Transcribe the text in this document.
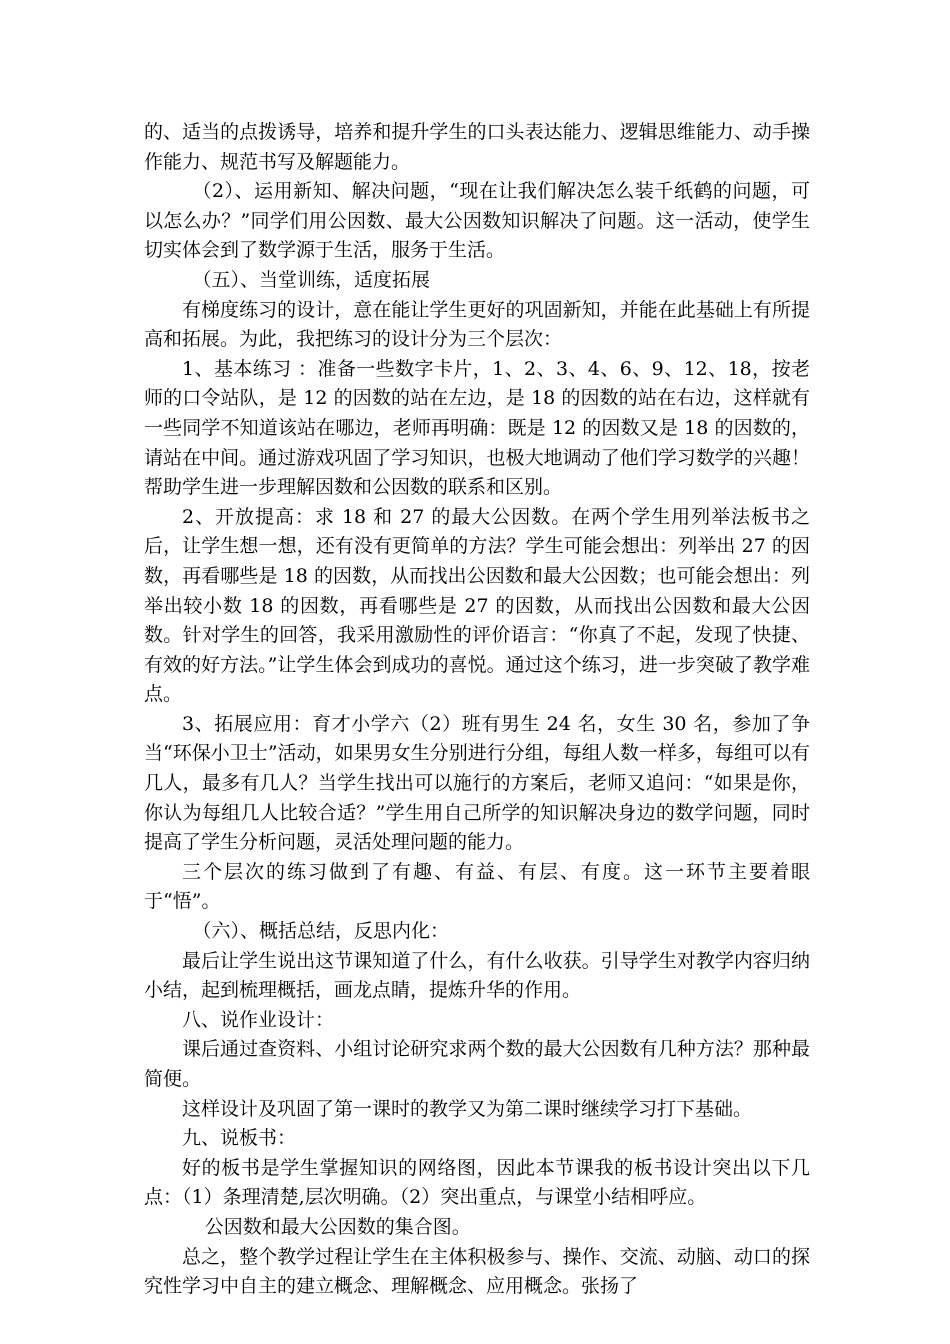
的、适当的点拨诱导，培养和提升学生的口头表达能力、逻辑思维能力、动手操作能力、规范书写及解题能力。

（2）、运用新知、解决问题，“现在让我们解决怎么装千纸鹤的问题，可以怎么办？”同学们用公因数、最大公因数知识解决了问题。这一活动，使学生切实体会到了数学源于生活，服务于生活。

（五）、当堂训练，适度拓展

有梯度练习的设计，意在能让学生更好的巩固新知，并能在此基础上有所提高和拓展。为此，我把练习的设计分为三个层次：

1、基本练习 ：准备一些数字卡片，1、2、3、4、6、9、12、18，按老师的口令站队，是 12 的因数的站在左边，是 18 的因数的站在右边，这样就有一些同学不知道该站在哪边，老师再明确：既是 12 的因数又是 18 的因数的，请站在中间。通过游戏巩固了学习知识，也极大地调动了他们学习数学的兴趣！帮助学生进一步理解因数和公因数的联系和区别。

2、开放提高：求 18 和 27 的最大公因数。在两个学生用列举法板书之后，让学生想一想，还有没有更简单的方法？学生可能会想出：列举出 27 的因数，再看哪些是 18 的因数，从而找出公因数和最大公因数；也可能会想出：列举出较小数 18 的因数，再看哪些是 27 的因数，从而找出公因数和最大公因数。针对学生的回答，我采用激励性的评价语言：“你真了不起，发现了快捷、有效的好方法。”让学生体会到成功的喜悦。通过这个练习，进一步突破了教学难点。

3、拓展应用：育才小学六（2）班有男生 24 名，女生 30 名，参加了争当“环保小卫士”活动，如果男女生分别进行分组，每组人数一样多，每组可以有几人，最多有几人？当学生找出可以施行的方案后，老师又追问：“如果是你，你认为每组几人比较合适？”学生用自己所学的知识解决身边的数学问题，同时提高了学生分析问题，灵活处理问题的能力。

三个层次的练习做到了有趣、有益、有层、有度。这一环节主要着眼于“悟”。

（六）、概括总结，反思内化：

最后让学生说出这节课知道了什么，有什么收获。引导学生对教学内容归纳小结，起到梳理概括，画龙点睛，提炼升华的作用。

八、说作业设计：

课后通过查资料、小组讨论研究求两个数的最大公因数有几种方法？那种最简便。

这样设计及巩固了第一课时的教学又为第二课时继续学习打下基础。

九、说板书：

好的板书是学生掌握知识的网络图，因此本节课我的板书设计突出以下几点：（1）条理清楚,层次明确。（2）突出重点，与课堂小结相呼应。

公因数和最大公因数的集合图。

总之，整个教学过程让学生在主体积极参与、操作、交流、动脑、动口的探究性学习中自主的建立概念、理解概念、应用概念。张扬了
